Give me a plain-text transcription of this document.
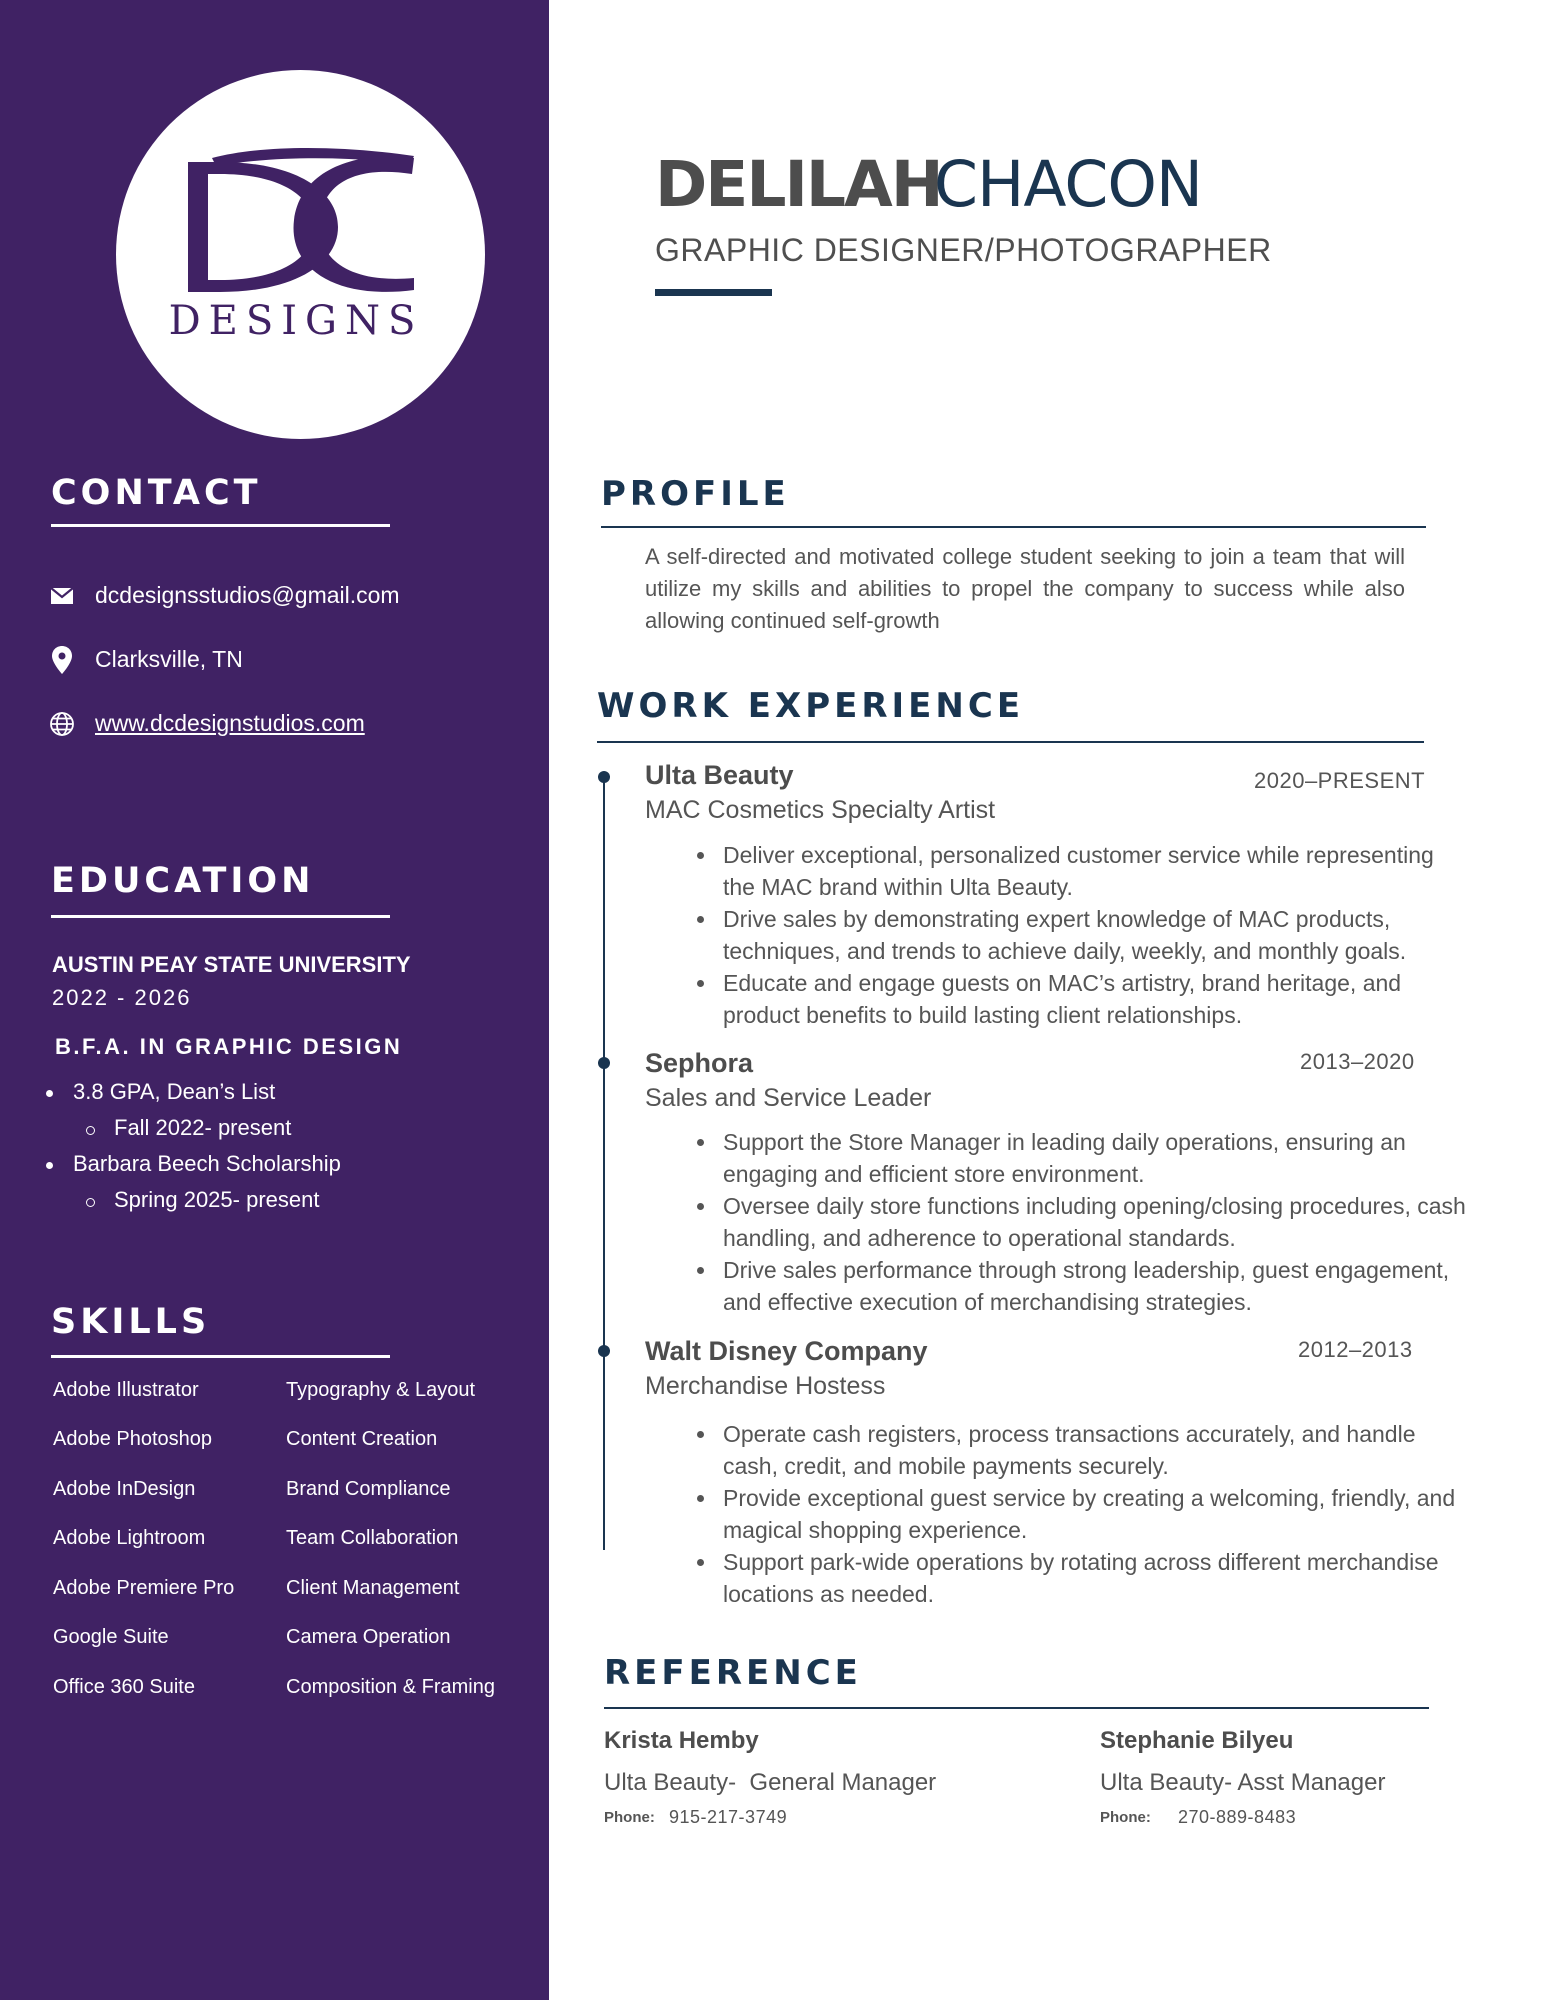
DESIGNS
CONTACT
dcdesignsstudios@gmail.com
Clarksville, TN
www.dcdesignstudios.com
EDUCATION
AUSTIN PEAY STATE UNIVERSITY
2022 - 2026
B.F.A. IN GRAPHIC DESIGN
3.8 GPA, Dean’s List
Fall 2022- present
Barbara Beech Scholarship
Spring 2025- present
SKILLS
Adobe Illustrator
Adobe Photoshop
Adobe InDesign
Adobe Lightroom
Adobe Premiere Pro
Google Suite
Office 360 Suite
Typography & Layout
Content Creation
Brand Compliance
Team Collaboration
Client Management
Camera Operation
Composition & Framing
DELILAH
CHACON
GRAPHIC DESIGNER/PHOTOGRAPHER
PROFILE
A self-directed and motivated college student seeking to join a team that will utilize my skills and abilities to propel the company to success while also allowing continued self-growth
WORK EXPERIENCE
Ulta Beauty	2020–PRESENT
MAC Cosmetics Specialty Artist
Deliver exceptional, personalized customer service while representing the MAC brand within Ulta Beauty.
Drive sales by demonstrating expert knowledge of MAC products, techniques, and trends to achieve daily, weekly, and monthly goals.
Educate and engage guests on MAC’s artistry, brand heritage, and product benefits to build lasting client relationships.
Sephora	2013–2020
Sales and Service Leader
Support the Store Manager in leading daily operations, ensuring an engaging and efficient store environment.
Oversee daily store functions including opening/closing procedures, cash handling, and adherence to operational standards.
Drive sales performance through strong leadership, guest engagement, and effective execution of merchandising strategies.
Walt Disney Company	2012–2013
Merchandise Hostess
Operate cash registers, process transactions accurately, and handle cash, credit, and mobile payments securely.
Provide exceptional guest service by creating a welcoming, friendly, and magical shopping experience.
Support park-wide operations by rotating across different merchandise locations as needed.
REFERENCE
Krista Hemby
Ulta Beauty-  General Manager
Phone: 915-217-3749
Stephanie Bilyeu
Ulta Beauty- Asst Manager
Phone: 270-889-8483
